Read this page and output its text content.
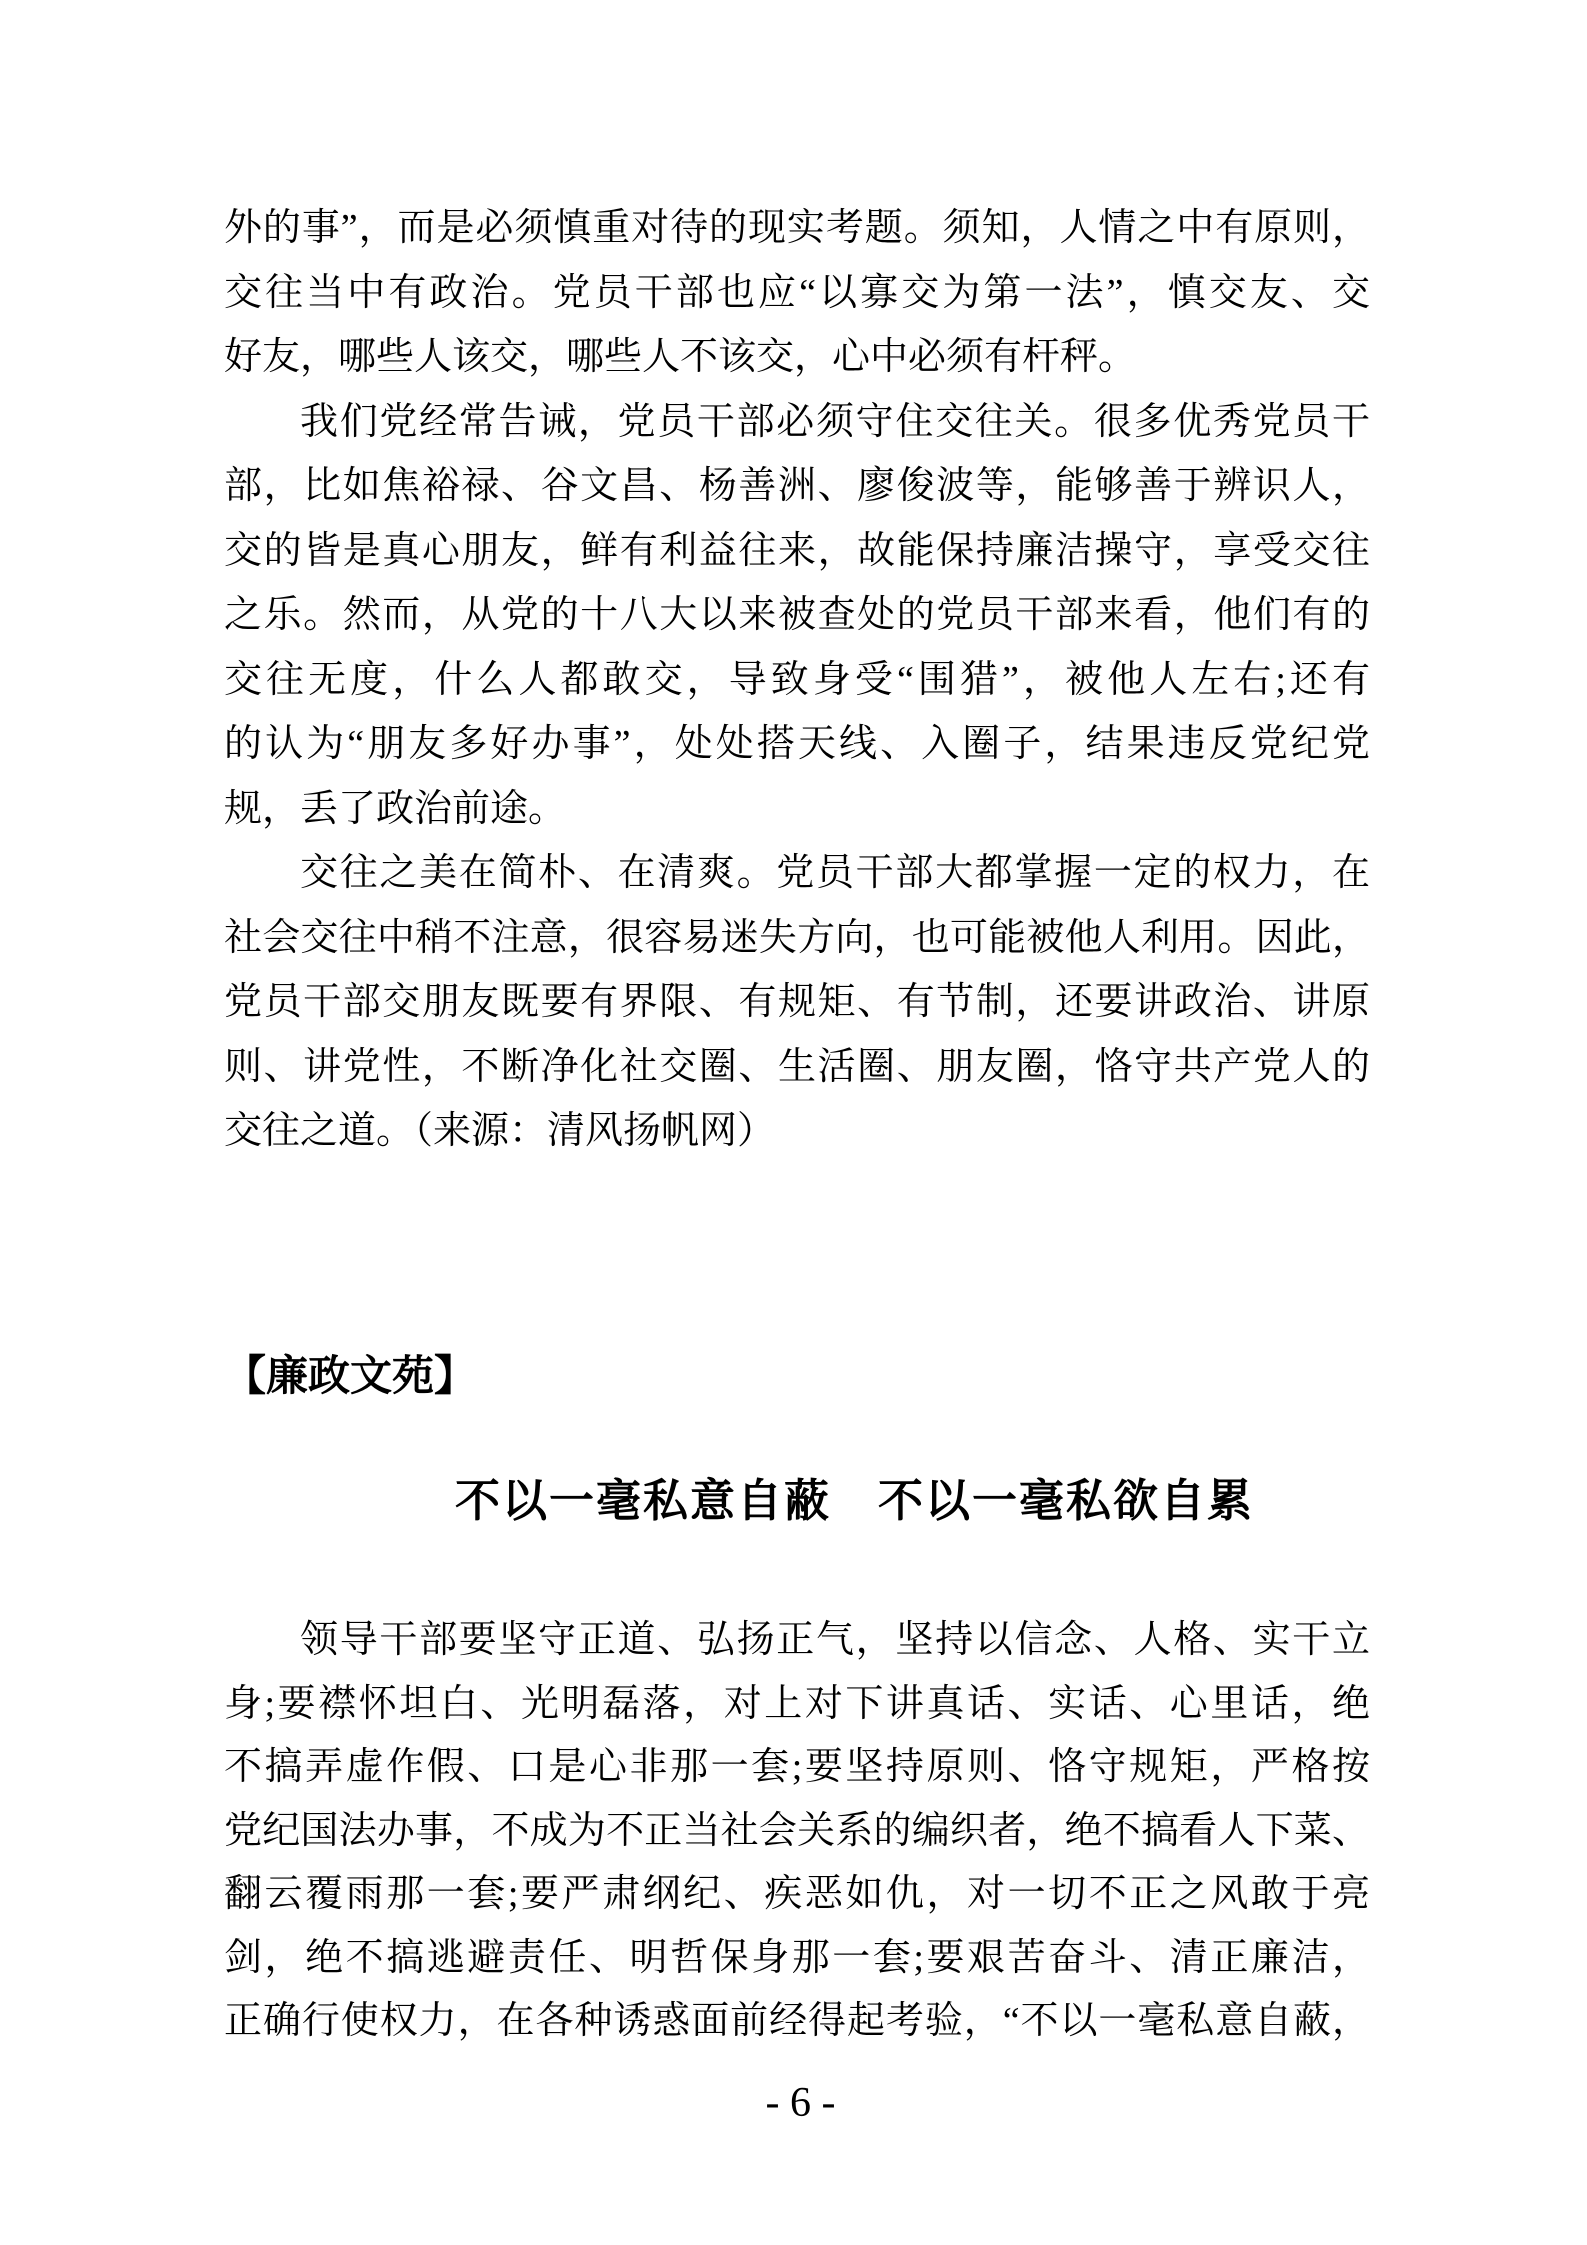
外的事”，而是必须慎重对待的现实考题。须知，人情之中有原则，
交往当中有政治。党员干部也应“以寡交为第一法”，慎交友、交
好友，哪些人该交，哪些人不该交，心中必须有杆秤。
我们党经常告诫，党员干部必须守住交往关。很多优秀党员干
部，比如焦裕禄、谷文昌、杨善洲、廖俊波等，能够善于辨识人，
交的皆是真心朋友，鲜有利益往来，故能保持廉洁操守，享受交往
之乐。然而，从党的十八大以来被查处的党员干部来看，他们有的
交往无度，什么人都敢交，导致身受“围猎”，被他人左右;还有
的认为“朋友多好办事”，处处搭天线、入圈子，结果违反党纪党
规，丢了政治前途。
交往之美在简朴、在清爽。党员干部大都掌握一定的权力，在
社会交往中稍不注意，很容易迷失方向，也可能被他人利用。因此，
党员干部交朋友既要有界限、有规矩、有节制，还要讲政治、讲原
则、讲党性，不断净化社交圈、生活圈、朋友圈，恪守共产党人的
交往之道。（来源：清风扬帆网）
【廉政文苑】
不以一毫私意自蔽　不以一毫私欲自累
领导干部要坚守正道、弘扬正气，坚持以信念、人格、实干立
身;要襟怀坦白、光明磊落，对上对下讲真话、实话、心里话，绝
不搞弄虚作假、口是心非那一套;要坚持原则、恪守规矩，严格按
党纪国法办事，不成为不正当社会关系的编织者，绝不搞看人下菜、
翻云覆雨那一套;要严肃纲纪、疾恶如仇，对一切不正之风敢于亮
剑，绝不搞逃避责任、明哲保身那一套;要艰苦奋斗、清正廉洁，
正确行使权力，在各种诱惑面前经得起考验，“不以一毫私意自蔽，
- 6 -
